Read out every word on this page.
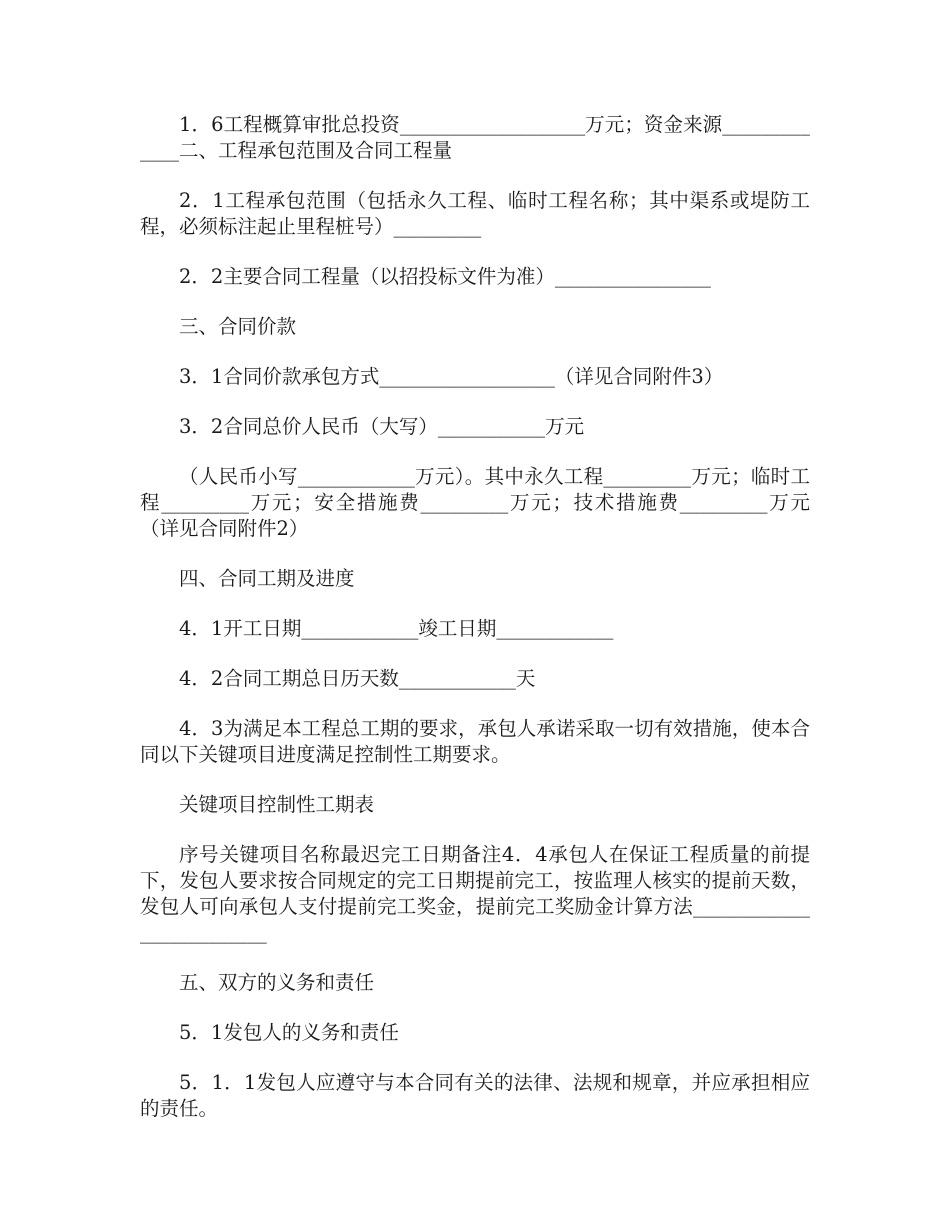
1．6工程概算审批总投资___________________万元；资金来源_____________二、工程承包范围及合同工程量

2．1工程承包范围（包括永久工程、临时工程名称；其中渠系或堤防工程，必须标注起止里程桩号）_________

2．2主要合同工程量（以招投标文件为准）________________

三、合同价款

3．1合同价款承包方式__________________（详见合同附件3）

3．2合同总价人民币（大写）___________万元

（人民币小写____________万元）。其中永久工程_________万元；临时工程_________万元；安全措施费_________万元；技术措施费_________万元（详见合同附件2）

四、合同工期及进度

4．1开工日期____________竣工日期____________

4．2合同工期总日历天数____________天

4．3为满足本工程总工期的要求，承包人承诺采取一切有效措施，使本合同以下关键项目进度满足控制性工期要求。

关键项目控制性工期表

序号关键项目名称最迟完工日期备注4．4承包人在保证工程质量的前提下，发包人要求按合同规定的完工日期提前完工，按监理人核实的提前天数，发包人可向承包人支付提前完工奖金，提前完工奖励金计算方法_________________________

五、双方的义务和责任

5．1发包人的义务和责任

5．1．1发包人应遵守与本合同有关的法律、法规和规章，并应承担相应的责任。
